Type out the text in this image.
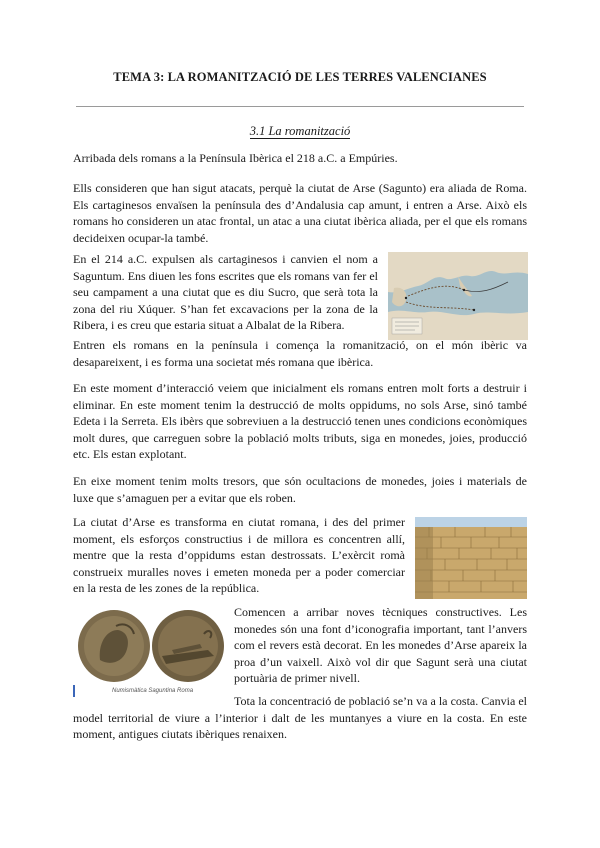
TEMA 3: LA ROMANITZACIÓ DE LES TERRES VALENCIANES
3.1 La romanització

Arribada dels romans a la Península Ibèrica el 218 a.C. a Empúries.

Ells consideren que han sigut atacats, perquè la ciutat de Arse (Sagunto) era aliada de Roma. Els cartaginesos envaïsen la península des d’Andalusia cap amunt, i entren a Arse. Això els romans ho consideren un atac frontal, un atac a una ciutat ibèrica aliada, per el que els romans decideixen ocupar-la també.

En el 214 a.C. expulsen als cartaginesos i canvien el nom a Saguntum. Ens diuen les fons escrites que els romans van fer el seu campament a una ciutat que es diu Sucro, que serà tota la zona del riu Xúquer. S’han fet excavacions per la zona de la Ribera, i es creu que estaria situat a Albalat de la Ribera.

Entren els romans en la península i comença la romanització, on el món ibèric va desapareixent, i es forma una societat més romana que ibèrica.

En este moment d’interacció veiem que inicialment els romans entren molt forts a destruir i eliminar. En este moment tenim la destrucció de molts oppidums, no sols Arse, sinó també Edeta i la Serreta. Els ibèrs que sobreviuen a la destrucció tenen unes condicions econòmiques molt dures, que carreguen sobre la població molts tributs, siga en monedes, joies, producció etc. Els estan explotant.

En eixe moment tenim molts tresors, que són ocultacions de monedes, joies i materials de luxe que s’amaguen per a evitar que els roben.

La ciutat d’Arse es transforma en ciutat romana, i des del primer moment, els esforços constructius i de millora es concentren allí, mentre que la resta d’oppidums estan destrossats. L’exèrcit romà construeix muralles noves i emeten moneda per a poder comerciar en la resta de les zones de la república.

Numismàtica Saguntina Roma

Comencen a arribar noves tècniques constructives. Les monedes són una font d’iconografia important, tant l’anvers com el revers està decorat. En les monedes d’Arse apareix la proa d’un vaixell. Això vol dir que Sagunt serà una ciutat portuària de primer nivell.

Tota la concentració de població se’n va a la costa. Canvia el model territorial de viure a l’interior i dalt de les muntanyes a viure en la costa. En este moment, antigues ciutats ibèriques renaixen.
